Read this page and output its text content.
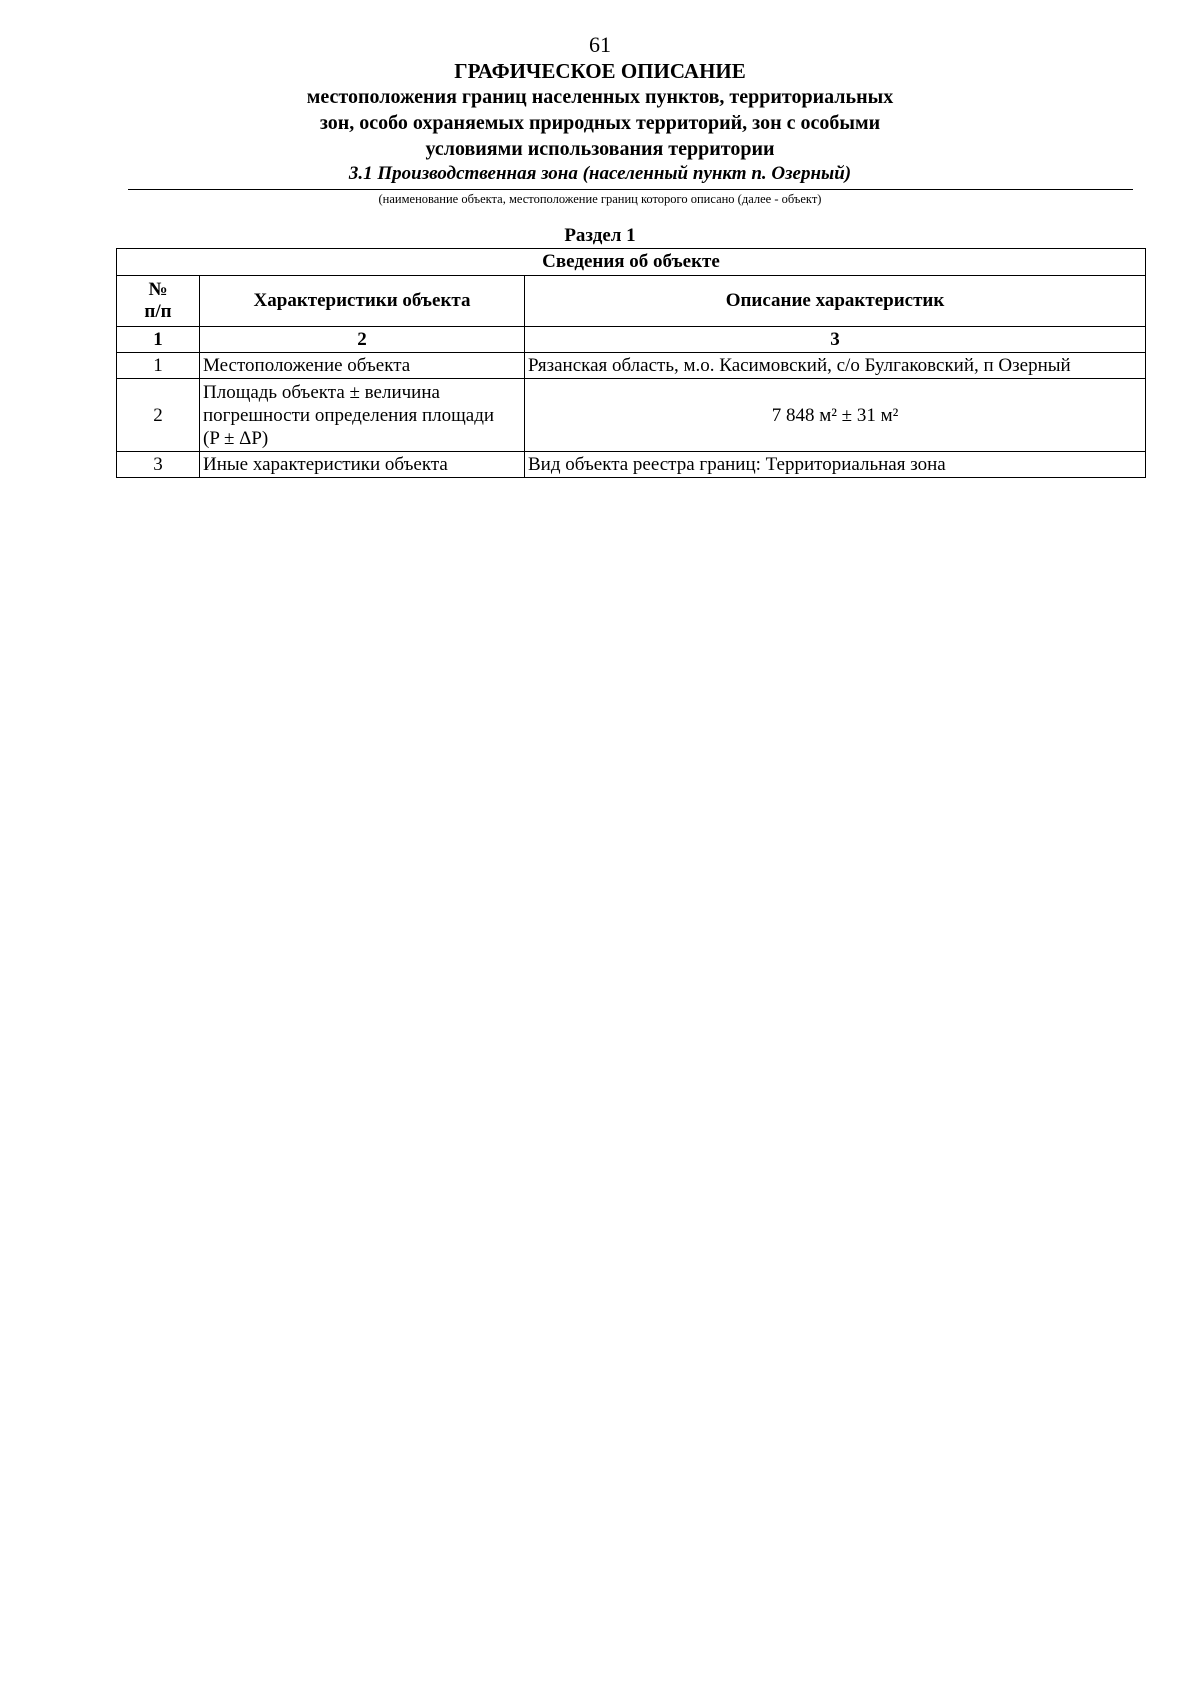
61
ГРАФИЧЕСКОЕ ОПИСАНИЕ
местоположения границ населенных пунктов, территориальных
зон, особо охраняемых природных территорий, зон с особыми
условиями использования территории
3.1 Производственная зона (населенный пункт п. Озерный)
(наименование объекта, местоположение границ которого описано (далее - объект)
Раздел 1
Сведения об объекте		

№
п/п	Характеристики объекта	Описание характеристик
1	2	3
1	Местоположение объекта	Рязанская область, м.о. Касимовский, с/о Булгаковский, п Озерный
2	Площадь объекта ± величина
погрешности определения площади
(P ± ΔP)	7 848 м² ± 31 м²
3	Иные характеристики объекта	Вид объекта реестра границ: Территориальная зона
